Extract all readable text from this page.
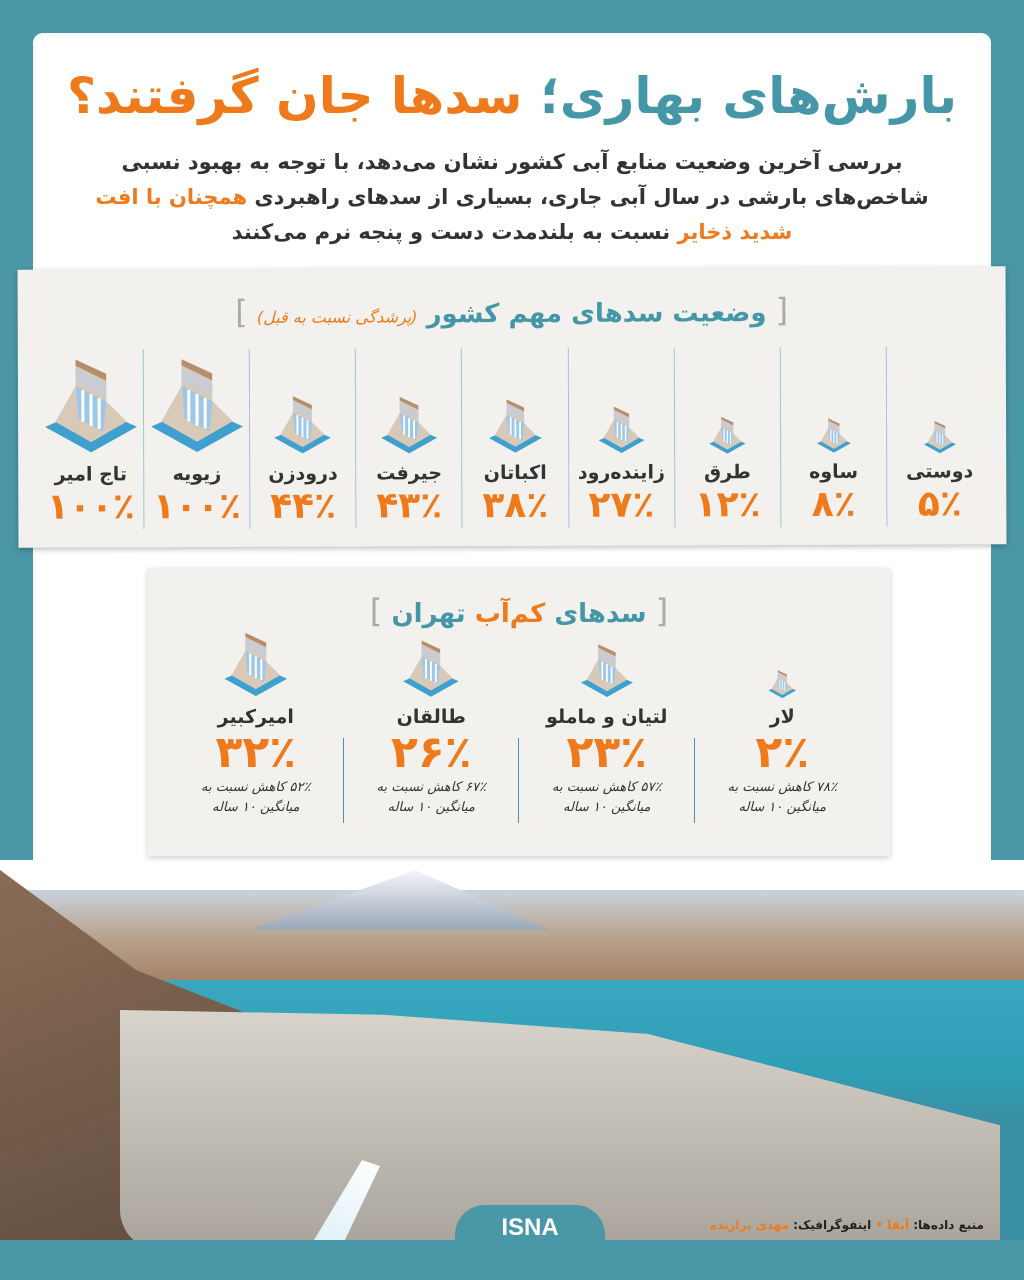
بارش‌های بهاری؛ سدها جان گرفتند؟
بررسی آخرین وضعیت منابع آبی کشور نشان می‌دهد، با توجه به بهبود نسبی شاخص‌های بارشی در سال آبی جاری، بسیاری از سدهای راهبردی همچنان با افت شدید ذخایر نسبت به بلندمدت دست و پنجه نرم می‌کنند
ISNA	منبع داده‌ها: آبفا • اینفوگرافیک: مهدی برازنده
[ وضعیت سدهای مهم کشور (پرشدگی نسبت به قبل) ]
دوستی
۵٪
ساوه
۸٪
طرق
۱۲٪
زاینده‌رود
۲۷٪
اکباتان
۳۸٪
جیرفت
۴۳٪
درودزن
۴۴٪
زیویه
۱۰۰٪
تاج امیر
۱۰۰٪
[ سدهای کم‌آب تهران ]
لار
۲٪
۷۸٪ کاهش نسبت به میانگین ۱۰ ساله
لتیان و ماملو
۲۳٪
۵۷٪ کاهش نسبت به میانگین ۱۰ ساله
طالقان
۲۶٪
۶۷٪ کاهش نسبت به میانگین ۱۰ ساله
امیرکبیر
۳۲٪
۵۲٪ کاهش نسبت به میانگین ۱۰ ساله
